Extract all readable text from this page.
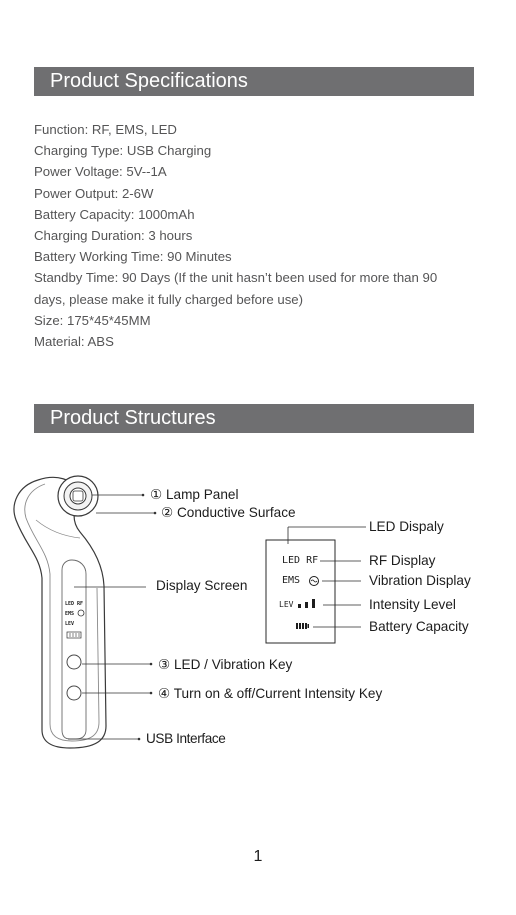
Product Specifications
Function: RF, EMS, LED
Charging Type: USB Charging
Power Voltage: 5V--1A
Power Output: 2-6W
Battery Capacity: 1000mAh
Charging Duration: 3 hours
Battery Working Time: 90 Minutes
Standby Time: 90 Days (If the unit hasn’t been used for more than 90
days, please make it fully charged before use)
Size: 175*45*45MM
Material: ABS
Product Structures
LED RF
EMS
LEV
① Lamp Panel
② Conductive Surface
Display Screen
③ LED / Vibration Key
④ Turn on & off/Current Intensity Key
USB Interface
LED RF
EMS
LEV
LED Dispaly
RF Display
Vibration Display
Intensity Level
Battery Capacity
1
